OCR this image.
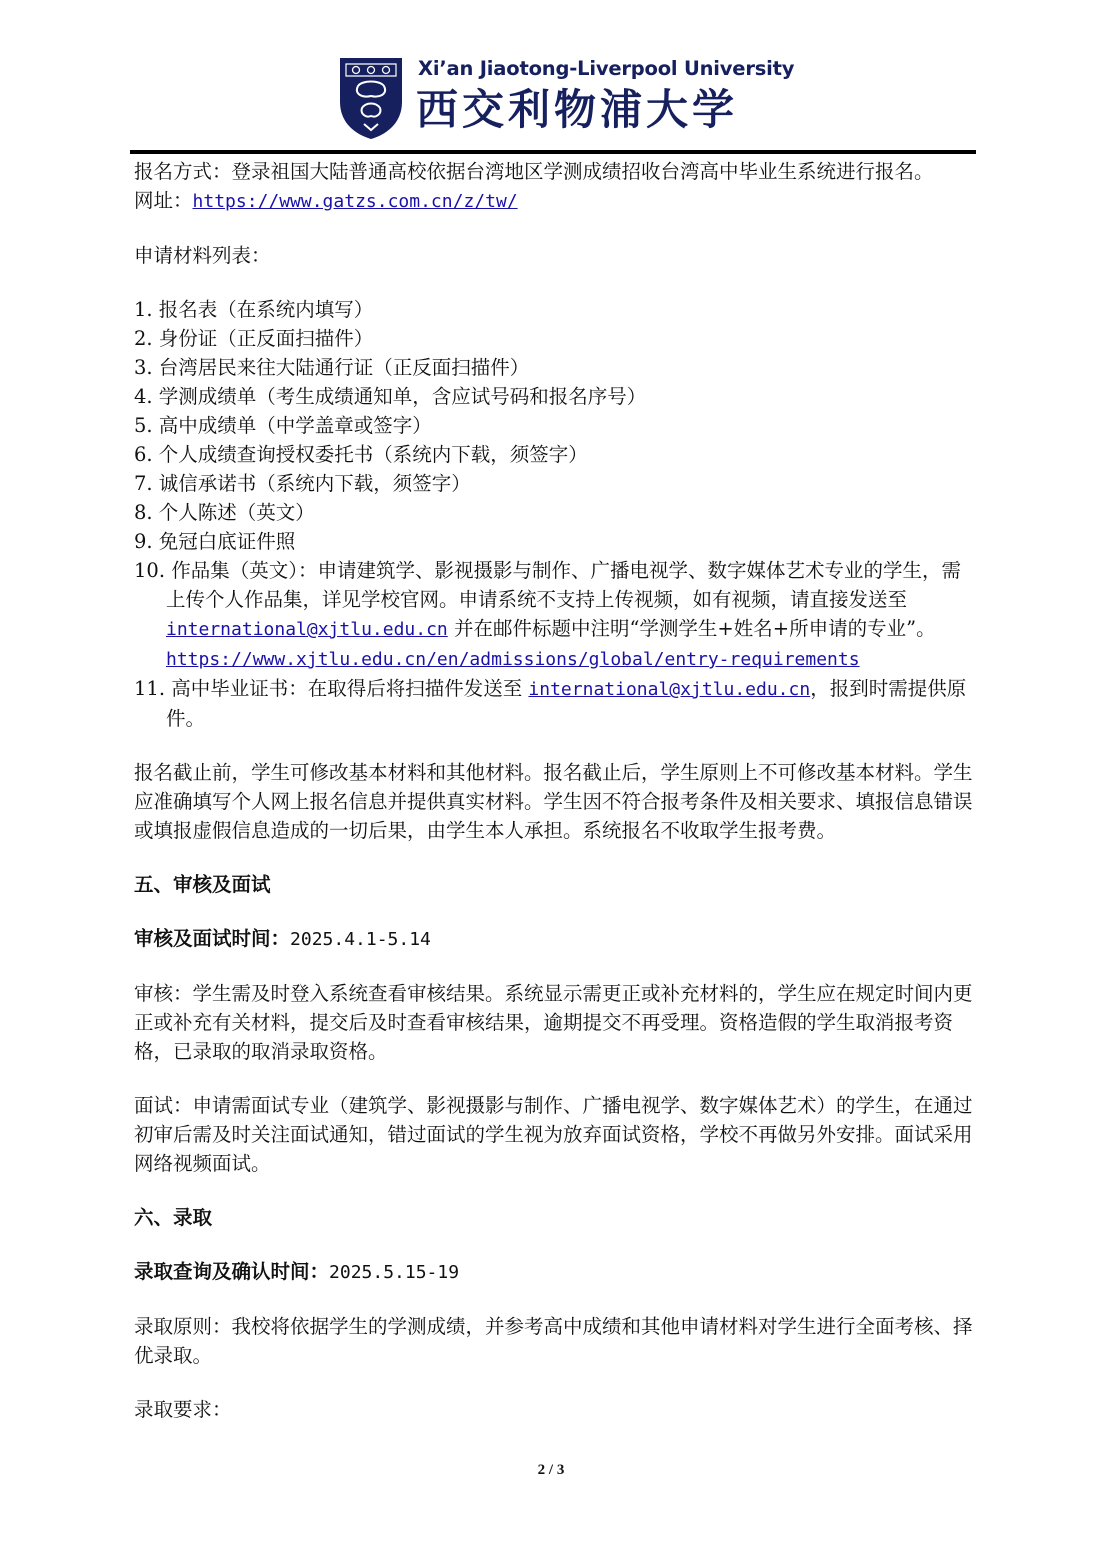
Xi’an Jiaotong-Liverpool University
西交利物浦大学

报名方式：登录祖国大陆普通高校依据台湾地区学测成绩招收台湾高中毕业生系统进行报名。

网址：https://www.gatzs.com.cn/z/tw/

申请材料列表：

1. 报名表（在系统内填写）
2. 身份证（正反面扫描件）
3. 台湾居民来往大陆通行证（正反面扫描件）
4. 学测成绩单（考生成绩通知单，含应试号码和报名序号）
5. 高中成绩单（中学盖章或签字）
6. 个人成绩查询授权委托书（系统内下载，须签字）
7. 诚信承诺书（系统内下载，须签字）
8. 个人陈述（英文）
9. 免冠白底证件照
10. 作品集（英文）：申请建筑学、影视摄影与制作、广播电视学、数字媒体艺术专业的学生，需上传个人作品集，详见学校官网。申请系统不支持上传视频，如有视频，请直接发送至 international@xjtlu.edu.cn 并在邮件标题中注明“学测学生+姓名+所申请的专业”。 https://www.xjtlu.edu.cn/en/admissions/global/entry-requirements
11. 高中毕业证书：在取得后将扫描件发送至 international@xjtlu.edu.cn，报到时需提供原件。

报名截止前，学生可修改基本材料和其他材料。报名截止后，学生原则上不可修改基本材料。学生应准确填写个人网上报名信息并提供真实材料。学生因不符合报考条件及相关要求、填报信息错误或填报虚假信息造成的一切后果，由学生本人承担。系统报名不收取学生报考费。

五、审核及面试

审核及面试时间：2025.4.1-5.14

审核：学生需及时登入系统查看审核结果。系统显示需更正或补充材料的，学生应在规定时间内更正或补充有关材料，提交后及时查看审核结果，逾期提交不再受理。资格造假的学生取消报考资格，已录取的取消录取资格。

面试：申请需面试专业（建筑学、影视摄影与制作、广播电视学、数字媒体艺术）的学生，在通过初审后需及时关注面试通知，错过面试的学生视为放弃面试资格，学校不再做另外安排。面试采用网络视频面试。

六、录取

录取查询及确认时间：2025.5.15-19

录取原则：我校将依据学生的学测成绩，并参考高中成绩和其他申请材料对学生进行全面考核、择优录取。

录取要求：

2 / 3
